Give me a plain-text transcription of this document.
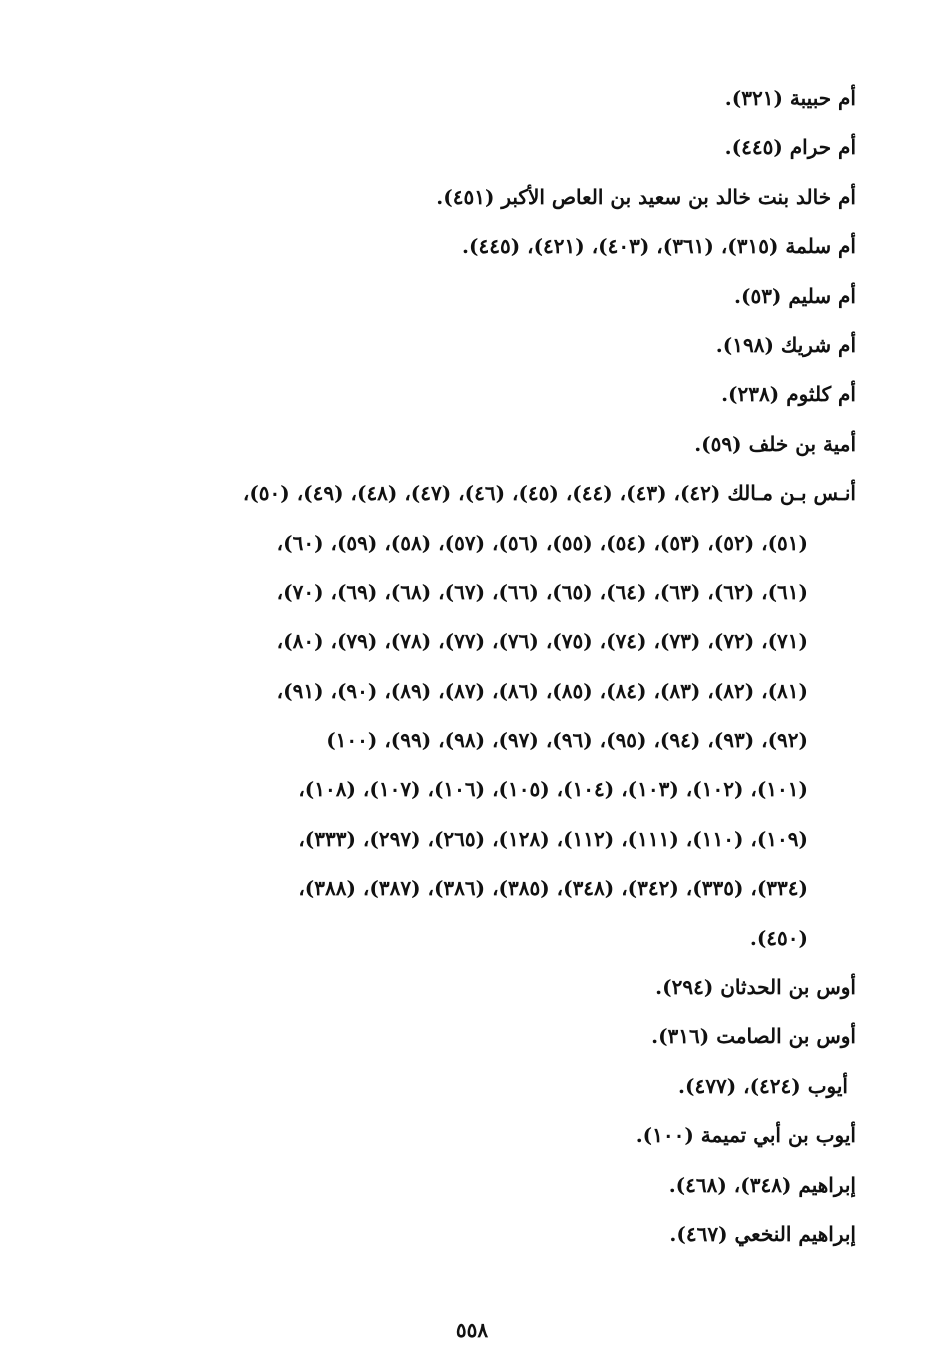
أم حبيبة (٣٢١).
أم حرام (٤٤٥).
أم خالد بنت خالد بن سعيد بن العاص الأكبر (٤٥١).
أم سلمة (٣١٥)، (٣٦١)، (٤٠٣)، (٤٢١)، (٤٤٥).
أم سليم (٥٣).
أم شريك (١٩٨).
أم كلثوم (٢٣٨).
أمية بن خلف (٥٩).
أنـس بـن مـالك (٤٢)، (٤٣)، (٤٤)، (٤٥)، (٤٦)، (٤٧)، (٤٨)، (٤٩)، (٥٠)،
(٥١)، (٥٢)، (٥٣)، (٥٤)، (٥٥)، (٥٦)، (٥٧)، (٥٨)، (٥٩)، (٦٠)،
(٦١)، (٦٢)، (٦٣)، (٦٤)، (٦٥)، (٦٦)، (٦٧)، (٦٨)، (٦٩)، (٧٠)،
(٧١)، (٧٢)، (٧٣)، (٧٤)، (٧٥)، (٧٦)، (٧٧)، (٧٨)، (٧٩)، (٨٠)،
(٨١)، (٨٢)، (٨٣)، (٨٤)، (٨٥)، (٨٦)، (٨٧)، (٨٩)، (٩٠)، (٩١)،
(٩٢)، (٩٣)، (٩٤)، (٩٥)، (٩٦)، (٩٧)، (٩٨)، (٩٩)، (١٠٠)
(١٠١)، (١٠٢)، (١٠٣)، (١٠٤)، (١٠٥)، (١٠٦)، (١٠٧)، (١٠٨)،
(١٠٩)، (١١٠)، (١١١)، (١١٢)، (١٢٨)، (٢٦٥)، (٢٩٧)، (٣٣٣)،
(٣٣٤)، (٣٣٥)، (٣٤٢)، (٣٤٨)، (٣٨٥)، (٣٨٦)، (٣٨٧)، (٣٨٨)،
(٤٥٠).
أوس بن الحدثان (٢٩٤).
أوس بن الصامت (٣١٦).
أيوب (٤٢٤)، (٤٧٧).
أيوب بن أبي تميمة (١٠٠).
إبراهيم (٣٤٨)، (٤٦٨).
إبراهيم النخعي (٤٦٧).
٥٥٨
